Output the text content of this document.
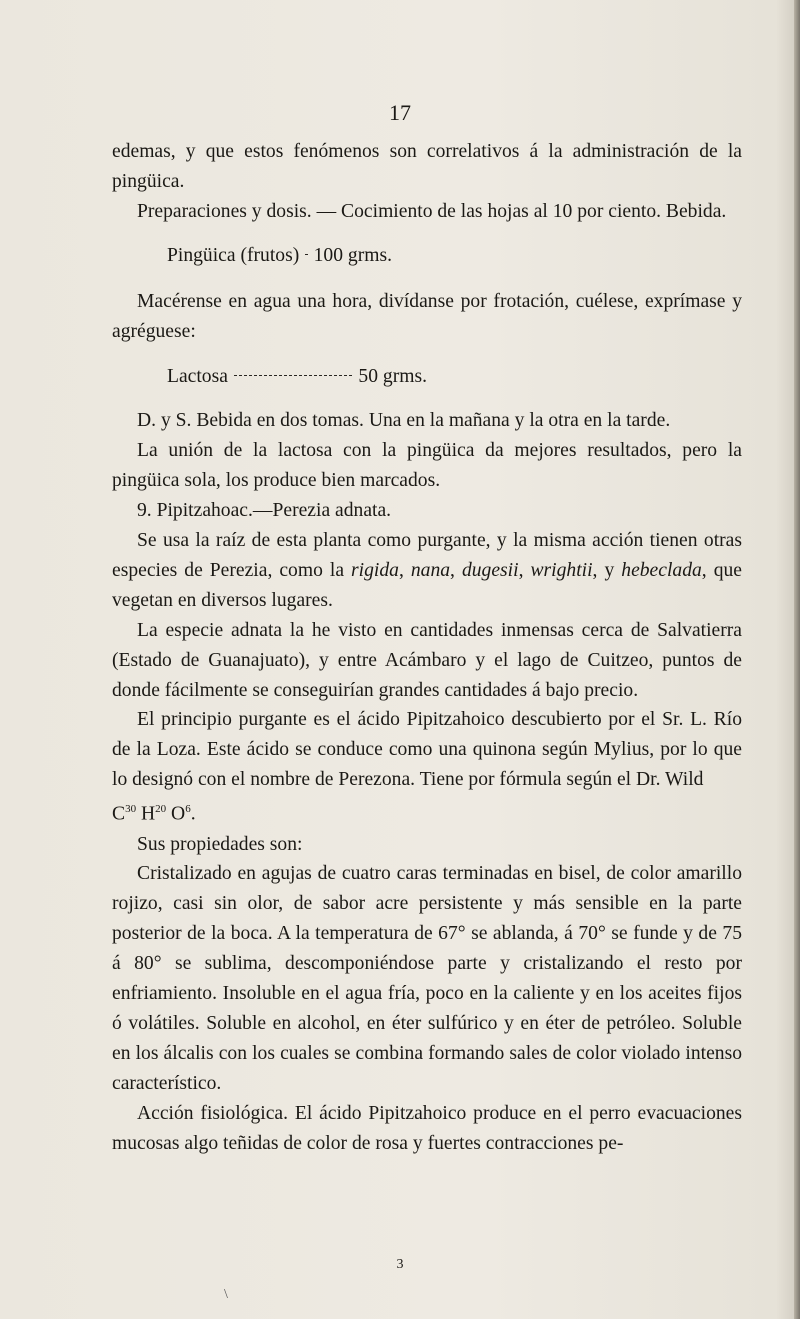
17

edemas, y que estos fenómenos son correlativos á la administración de la pingüica.

Preparaciones y dosis. — Cocimiento de las hojas al 10 por ciento. Bebida.

Pingüica (frutos) 100 grms.

Macérense en agua una hora, divídanse por frotación, cuélese, exprímase y agréguese:

Lactosa	50 grms.

D. y S. Bebida en dos tomas. Una en la mañana y la otra en la tarde.

La unión de la lactosa con la pingüica da mejores resultados, pero la pingüica sola, los produce bien marcados.

9. Pipitzahoac.—Perezia adnata.

Se usa la raíz de esta planta como purgante, y la misma acción tienen otras especies de Perezia, como la rigida, nana, dugesii, wrightii, y hebeclada, que vegetan en diversos lugares.

La especie adnata la he visto en cantidades inmensas cerca de Salvatierra (Estado de Guanajuato), y entre Acámbaro y el lago de Cuitzeo, puntos de donde fácilmente se conseguirían grandes cantidades á bajo precio.

El principio purgante es el ácido Pipitzahoico descubierto por el Sr. L. Río de la Loza. Este ácido se conduce como una quinona según Mylius, por lo que lo designó con el nombre de Perezona. Tiene por fórmula según el Dr. Wild

$C^{30}$ $H^{20}$ $O^6$.

Sus propiedades son:

Cristalizado en agujas de cuatro caras terminadas en bisel, de color amarillo rojizo, casi sin olor, de sabor acre persistente y más sensible en la parte posterior de la boca. A la temperatura de 67° se ablanda, á 70° se funde y de 75 á 80° se sublima, descomponiéndose parte y cristalizando el resto por enfriamiento. Insoluble en el agua fría, poco en la caliente y en los aceites fijos ó volátiles. Soluble en alcohol, en éter sulfúrico y en éter de petróleo. Soluble en los álcalis con los cuales se combina formando sales de color violado intenso característico.

Acción fisiológica. El ácido Pipitzahoico produce en el perro evacuaciones mucosas algo teñidas de color de rosa y fuertes contracciones pe-

3
\
